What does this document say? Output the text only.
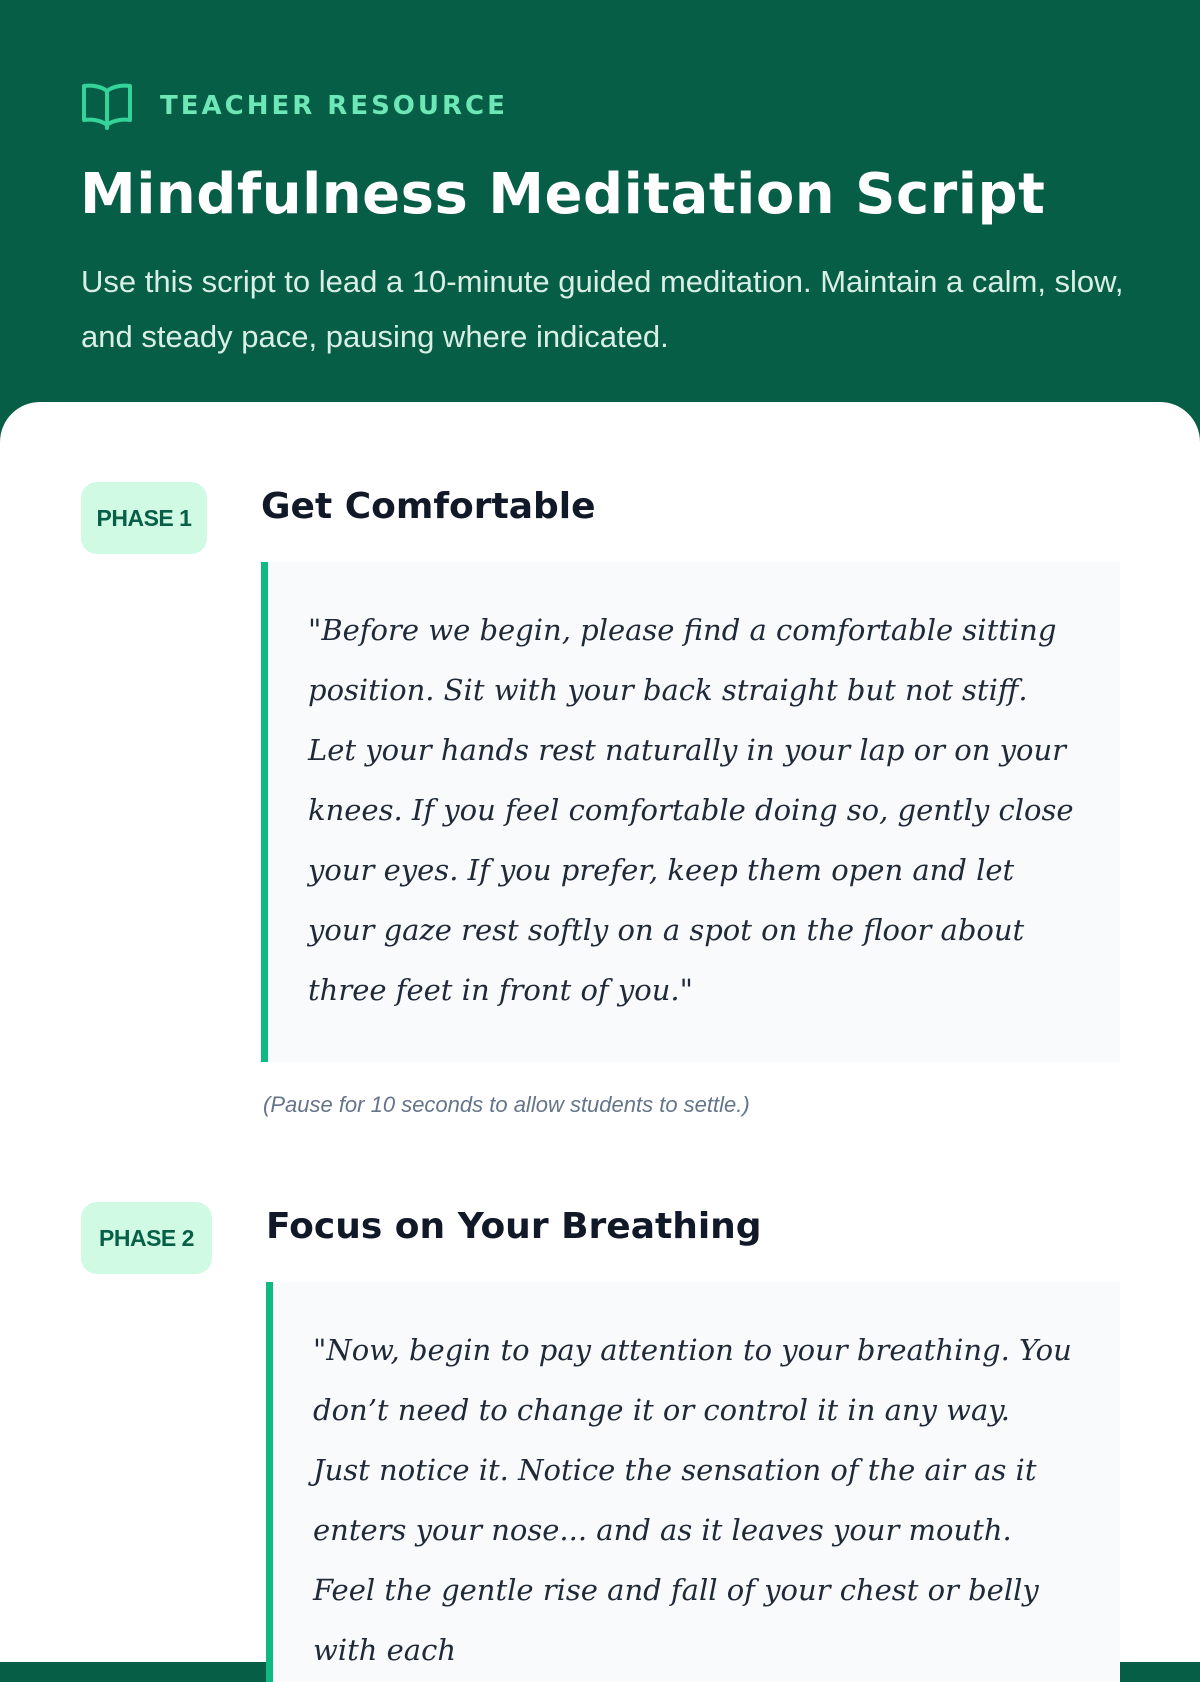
TEACHER RESOURCE
Mindfulness Meditation Script

Use this script to lead a 10-minute guided meditation. Maintain a calm, slow, and steady pace, pausing where indicated.

PHASE 1	Get Comfortable

"Before we begin, please find a comfortable sitting position. Sit with your back straight but not stiff. Let your hands rest naturally in your lap or on your knees. If you feel comfortable doing so, gently close your eyes. If you prefer, keep them open and let your gaze rest softly on a spot on the floor about three feet in front of you."

(Pause for 10 seconds to allow students to settle.)

PHASE 2	Focus on Your Breathing

"Now, begin to pay attention to your breathing. You don’t need to change it or control it in any way. Just notice it. Notice the sensation of the air as it enters your nose... and as it leaves your mouth. Feel the gentle rise and fall of your chest or belly with each
